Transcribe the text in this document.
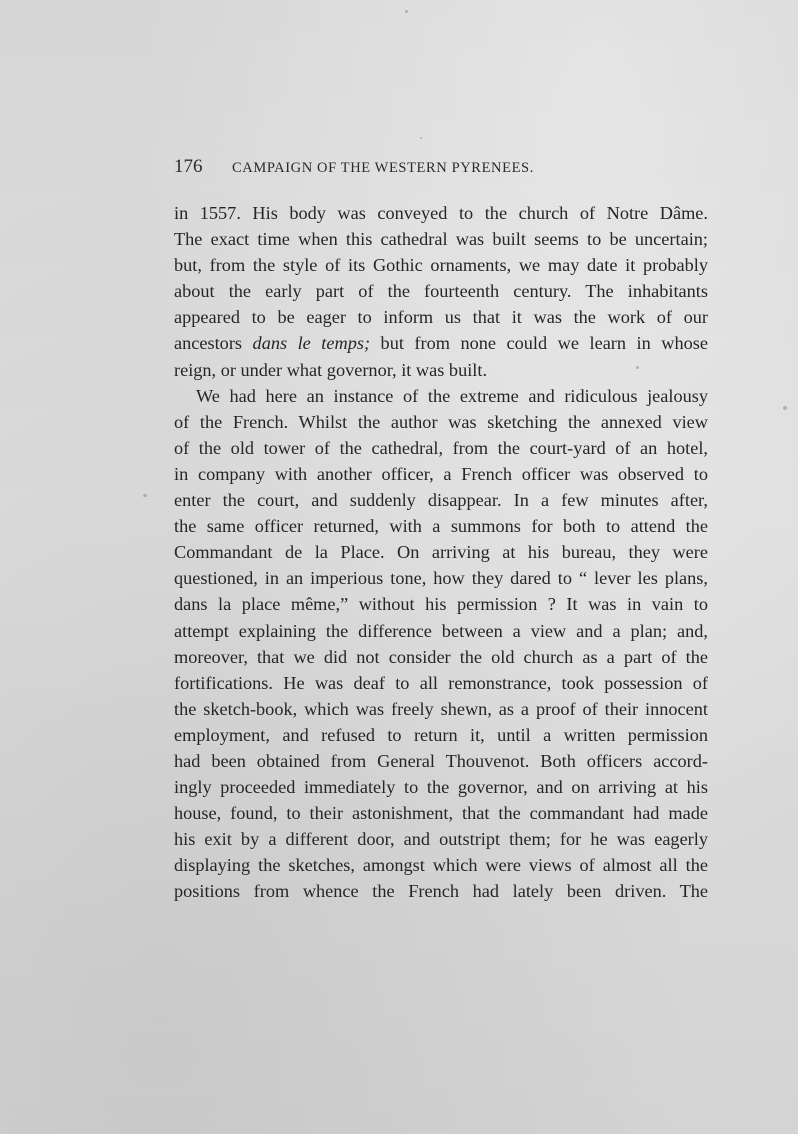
176	CAMPAIGN OF THE WESTERN PYRENEES.
in 1557. His body was conveyed to the church of Notre Dâme.
The exact time when this cathedral was built seems to be uncertain;
but, from the style of its Gothic ornaments, we may date it probably
about the early part of the fourteenth century. The inhabitants
appeared to be eager to inform us that it was the work of our
ancestors dans le temps; but from none could we learn in whose
reign, or under what governor, it was built.
We had here an instance of the extreme and ridiculous jealousy
of the French. Whilst the author was sketching the annexed view
of the old tower of the cathedral, from the court-yard of an hotel,
in company with another officer, a French officer was observed to
enter the court, and suddenly disappear. In a few minutes after,
the same officer returned, with a summons for both to attend the
Commandant de la Place. On arriving at his bureau, they were
questioned, in an imperious tone, how they dared to “ lever les plans,
dans la place même,” without his permission ? It was in vain to
attempt explaining the difference between a view and a plan; and,
moreover, that we did not consider the old church as a part of the
fortifications. He was deaf to all remonstrance, took possession of
the sketch-book, which was freely shewn, as a proof of their innocent
employment, and refused to return it, until a written permission
had been obtained from General Thouvenot. Both officers accord-
ingly proceeded immediately to the governor, and on arriving at his
house, found, to their astonishment, that the commandant had made
his exit by a different door, and outstript them; for he was eagerly
displaying the sketches, amongst which were views of almost all the
positions from whence the French had lately been driven. The
